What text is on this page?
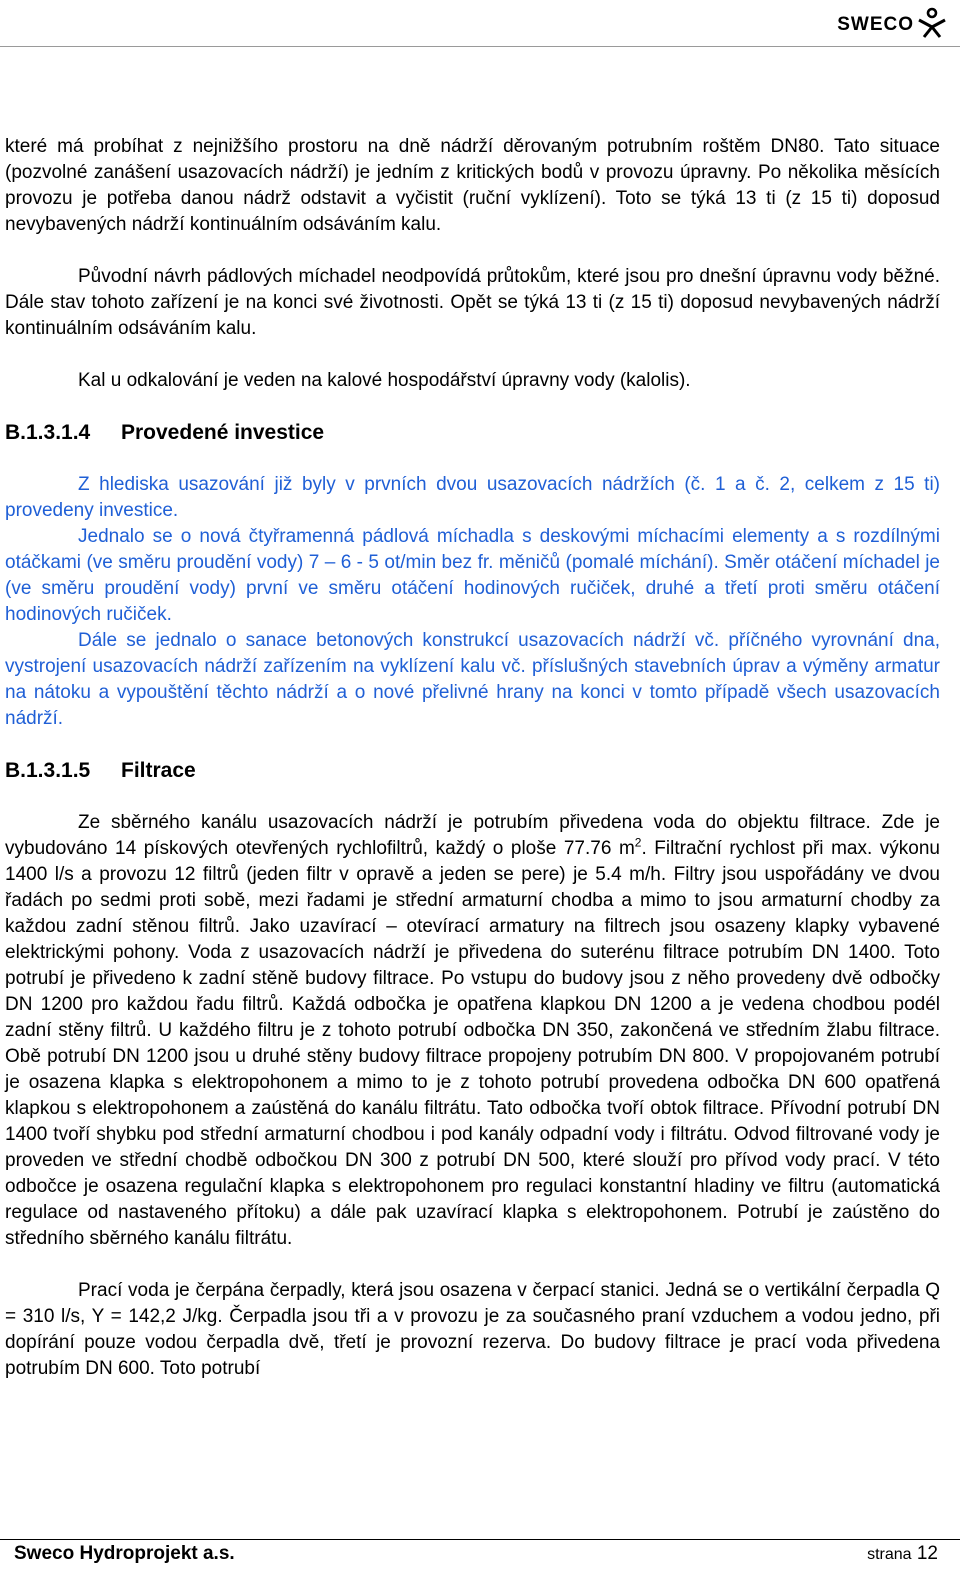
SWECO

které má probíhat z nejnižšího prostoru na dně nádrží děrovaným potrubním roštěm DN80. Tato situace (pozvolné zanášení usazovacích nádrží) je jedním z kritických bodů v provozu úpravny. Po několika měsících provozu je potřeba danou nádrž odstavit a vyčistit (ruční vyklízení). Toto se týká 13 ti (z 15 ti) doposud nevybavených nádrží kontinuálním odsáváním kalu.

Původní návrh pádlových míchadel neodpovídá průtokům, které jsou pro dnešní úpravnu vody běžné. Dále stav tohoto zařízení je na konci své životnosti. Opět se týká 13 ti (z 15 ti) doposud nevybavených nádrží kontinuálním odsáváním kalu.

Kal u odkalování je veden na kalové hospodářství úpravny vody (kalolis).

B.1.3.1.4 Provedené investice

Z hlediska usazování již byly v prvních dvou usazovacích nádržích (č. 1 a č. 2, celkem z 15 ti) provedeny investice.

Jednalo se o nová čtyřramenná pádlová míchadla s deskovými míchacími elementy a s rozdílnými otáčkami (ve směru proudění vody) 7 – 6 - 5 ot/min bez fr. měničů (pomalé míchání). Směr otáčení míchadel je (ve směru proudění vody) první ve směru otáčení hodinových ručiček, druhé a třetí proti směru otáčení hodinových ručiček.

Dále se jednalo o sanace betonových konstrukcí usazovacích nádrží vč. příčného vyrovnání dna, vystrojení usazovacích nádrží zařízením na vyklízení kalu vč. příslušných stavebních úprav a výměny armatur na nátoku a vypouštění těchto nádrží a o nové přelivné hrany na konci v tomto případě všech usazovacích nádrží.

B.1.3.1.5 Filtrace

Ze sběrného kanálu usazovacích nádrží je potrubím přivedena voda do objektu filtrace. Zde je vybudováno 14 pískových otevřených rychlofiltrů, každý o ploše 77.76 $m^2$. Filtrační rychlost při max. výkonu 1400 l/s a provozu 12 filtrů (jeden filtr v opravě a jeden se pere) je 5.4 m/h. Filtry jsou uspořádány ve dvou řadách po sedmi proti sobě, mezi řadami je střední armaturní chodba a mimo to jsou armaturní chodby za každou zadní stěnou filtrů. Jako uzavírací – otevírací armatury na filtrech jsou osazeny klapky vybavené elektrickými pohony. Voda z usazovacích nádrží je přivedena do suterénu filtrace potrubím DN 1400. Toto potrubí je přivedeno k zadní stěně budovy filtrace. Po vstupu do budovy jsou z něho provedeny dvě odbočky DN 1200 pro každou řadu filtrů. Každá odbočka je opatřena klapkou DN 1200 a je vedena chodbou podél zadní stěny filtrů. U každého filtru je z tohoto potrubí odbočka DN 350, zakončená ve středním žlabu filtrace. Obě potrubí DN 1200 jsou u druhé stěny budovy filtrace propojeny potrubím DN 800. V propojovaném potrubí je osazena klapka s elektropohonem a mimo to je z tohoto potrubí provedena odbočka DN 600 opatřená klapkou s elektropohonem a zaústěná do kanálu filtrátu. Tato odbočka tvoří obtok filtrace. Přívodní potrubí DN 1400 tvoří shybku pod střední armaturní chodbou i pod kanály odpadní vody i filtrátu. Odvod filtrované vody je proveden ve střední chodbě odbočkou DN 300 z potrubí DN 500, které slouží pro přívod vody prací. V této odbočce je osazena regulační klapka s elektropohonem pro regulaci konstantní hladiny ve filtru (automatická regulace od nastaveného přítoku) a dále pak uzavírací klapka s elektropohonem. Potrubí je zaústěno do středního sběrného kanálu filtrátu.

Prací voda je čerpána čerpadly, která jsou osazena v čerpací stanici. Jedná se o vertikální čerpadla Q = 310 l/s, Y = 142,2 J/kg. Čerpadla jsou tři a v provozu je za současného praní vzduchem a vodou jedno, při dopírání pouze vodou čerpadla dvě, třetí je provozní rezerva. Do budovy filtrace je prací voda přivedena potrubím DN 600. Toto potrubí

Sweco Hydroprojekt a.s.	strana 12
